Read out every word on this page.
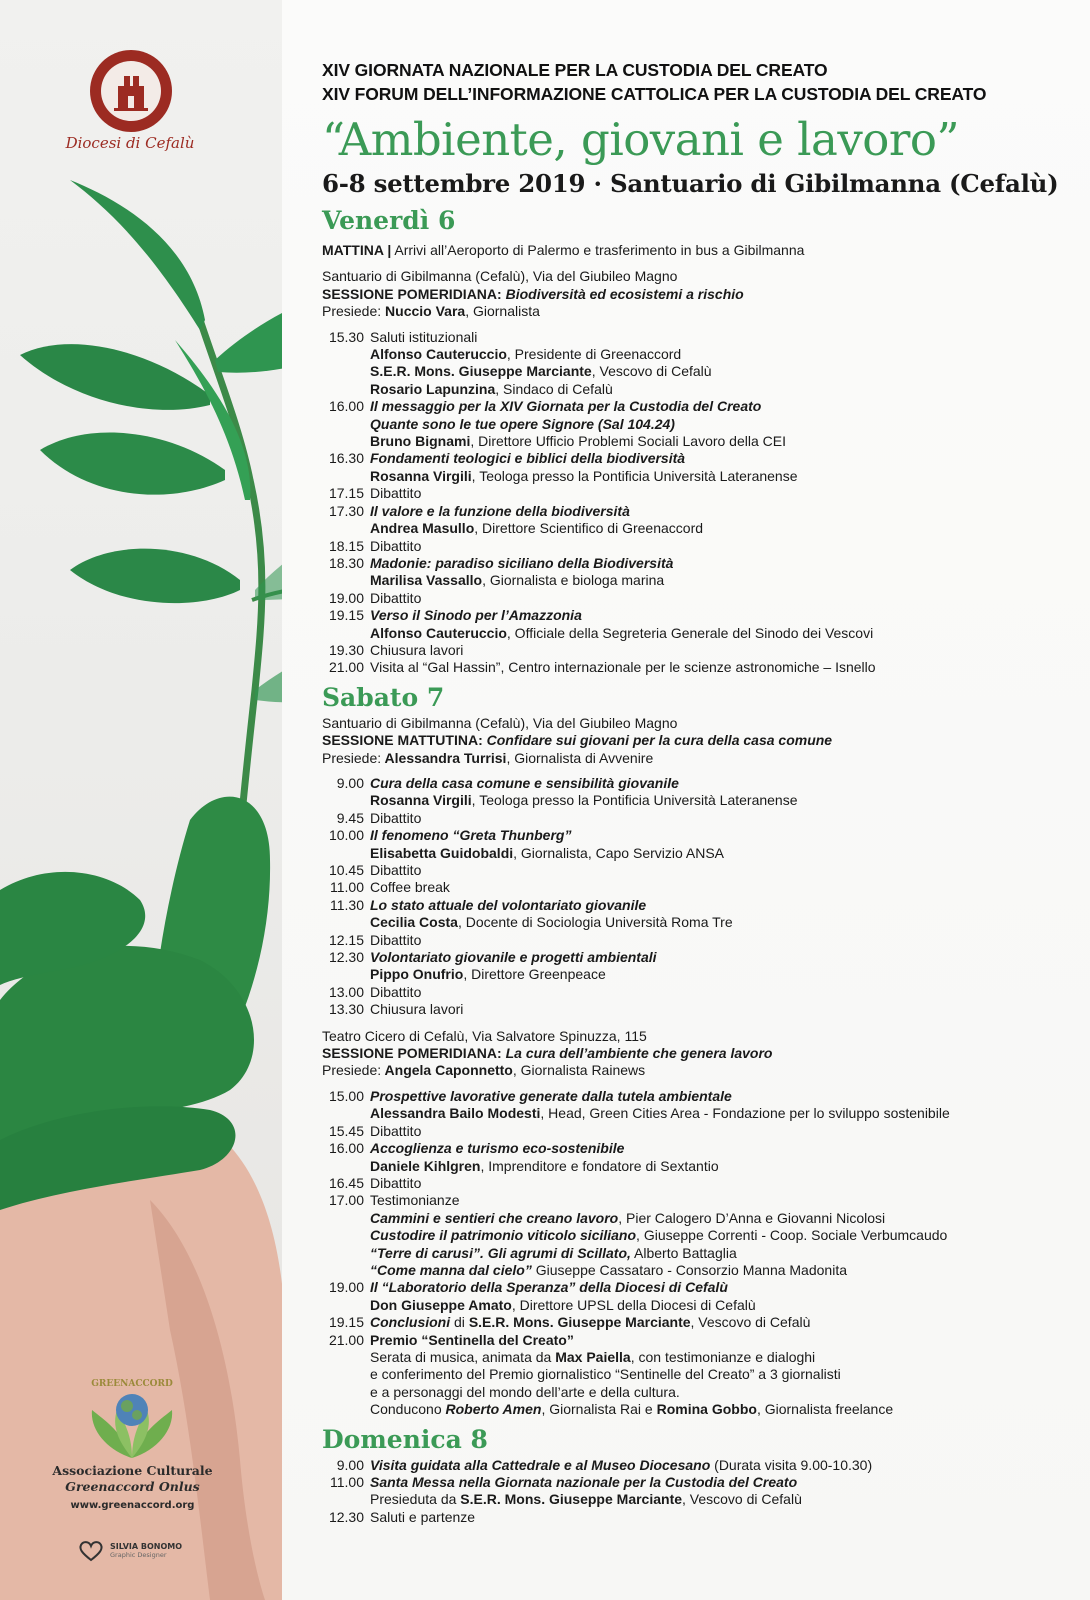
Diocesi di Cefalù
GREENACCORD
Associazione Culturale
Greenaccord Onlus
www.greenaccord.org
SILVIA BONOMO
Graphic Designer
XIV GIORNATA NAZIONALE PER LA CUSTODIA DEL CREATO
XIV FORUM DELL’INFORMAZIONE CATTOLICA PER LA CUSTODIA DEL CREATO
“Ambiente, giovani e lavoro”
6-8 settembre 2019 · Santuario di Gibilmanna (Cefalù)
Venerdì 6
MATTINA | Arrivi all’Aeroporto di Palermo e trasferimento in bus a Gibilmanna
Santuario di Gibilmanna (Cefalù), Via del Giubileo Magno
SESSIONE POMERIDIANA: Biodiversità ed ecosistemi a rischio
Presiede: Nuccio Vara, Giornalista
15.30 Saluti istituzionali
Alfonso Cauteruccio, Presidente di Greenaccord
S.E.R. Mons. Giuseppe Marciante, Vescovo di Cefalù
Rosario Lapunzina, Sindaco di Cefalù
16.00 Il messaggio per la XIV Giornata per la Custodia del Creato
Quante sono le tue opere Signore (Sal 104.24)
Bruno Bignami, Direttore Ufficio Problemi Sociali Lavoro della CEI
16.30 Fondamenti teologici e biblici della biodiversità
Rosanna Virgili, Teologa presso la Pontificia Università Lateranense
17.15 Dibattito
17.30 Il valore e la funzione della biodiversità
Andrea Masullo, Direttore Scientifico di Greenaccord
18.15 Dibattito
18.30 Madonie: paradiso siciliano della Biodiversità
Marilisa Vassallo, Giornalista e biologa marina
19.00 Dibattito
19.15 Verso il Sinodo per l’Amazzonia
Alfonso Cauteruccio, Officiale della Segreteria Generale del Sinodo dei Vescovi
19.30 Chiusura lavori
21.00 Visita al “Gal Hassin”, Centro internazionale per le scienze astronomiche – Isnello
Sabato 7
Santuario di Gibilmanna (Cefalù), Via del Giubileo Magno
SESSIONE MATTUTINA: Confidare sui giovani per la cura della casa comune
Presiede: Alessandra Turrisi, Giornalista di Avvenire
9.00 Cura della casa comune e sensibilità giovanile
Rosanna Virgili, Teologa presso la Pontificia Università Lateranense
9.45 Dibattito
10.00 Il fenomeno “Greta Thunberg”
Elisabetta Guidobaldi, Giornalista, Capo Servizio ANSA
10.45 Dibattito
11.00 Coffee break
11.30 Lo stato attuale del volontariato giovanile
Cecilia Costa, Docente di Sociologia Università Roma Tre
12.15 Dibattito
12.30 Volontariato giovanile e progetti ambientali
Pippo Onufrio, Direttore Greenpeace
13.00 Dibattito
13.30 Chiusura lavori
Teatro Cicero di Cefalù, Via Salvatore Spinuzza, 115
SESSIONE POMERIDIANA: La cura dell’ambiente che genera lavoro
Presiede: Angela Caponnetto, Giornalista Rainews
15.00 Prospettive lavorative generate dalla tutela ambientale
Alessandra Bailo Modesti, Head, Green Cities Area - Fondazione per lo sviluppo sostenibile
15.45 Dibattito
16.00 Accoglienza e turismo eco-sostenibile
Daniele Kihlgren, Imprenditore e fondatore di Sextantio
16.45 Dibattito
17.00 Testimonianze
Cammini e sentieri che creano lavoro, Pier Calogero D’Anna e Giovanni Nicolosi
Custodire il patrimonio viticolo siciliano, Giuseppe Correnti - Coop. Sociale Verbumcaudo
“Terre di carusi”. Gli agrumi di Scillato, Alberto Battaglia
“Come manna dal cielo” Giuseppe Cassataro - Consorzio Manna Madonita
19.00 Il “Laboratorio della Speranza” della Diocesi di Cefalù
Don Giuseppe Amato, Direttore UPSL della Diocesi di Cefalù
19.15 Conclusioni di S.E.R. Mons. Giuseppe Marciante, Vescovo di Cefalù
21.00 Premio “Sentinella del Creato”
Serata di musica, animata da Max Paiella, con testimonianze e dialoghi
e conferimento del Premio giornalistico “Sentinelle del Creato” a 3 giornalisti
e a personaggi del mondo dell’arte e della cultura.
Conducono Roberto Amen, Giornalista Rai e Romina Gobbo, Giornalista freelance
Domenica 8
9.00 Visita guidata alla Cattedrale e al Museo Diocesano (Durata visita 9.00-10.30)
11.00 Santa Messa nella Giornata nazionale per la Custodia del Creato
Presieduta da S.E.R. Mons. Giuseppe Marciante, Vescovo di Cefalù
12.30 Saluti e partenze
